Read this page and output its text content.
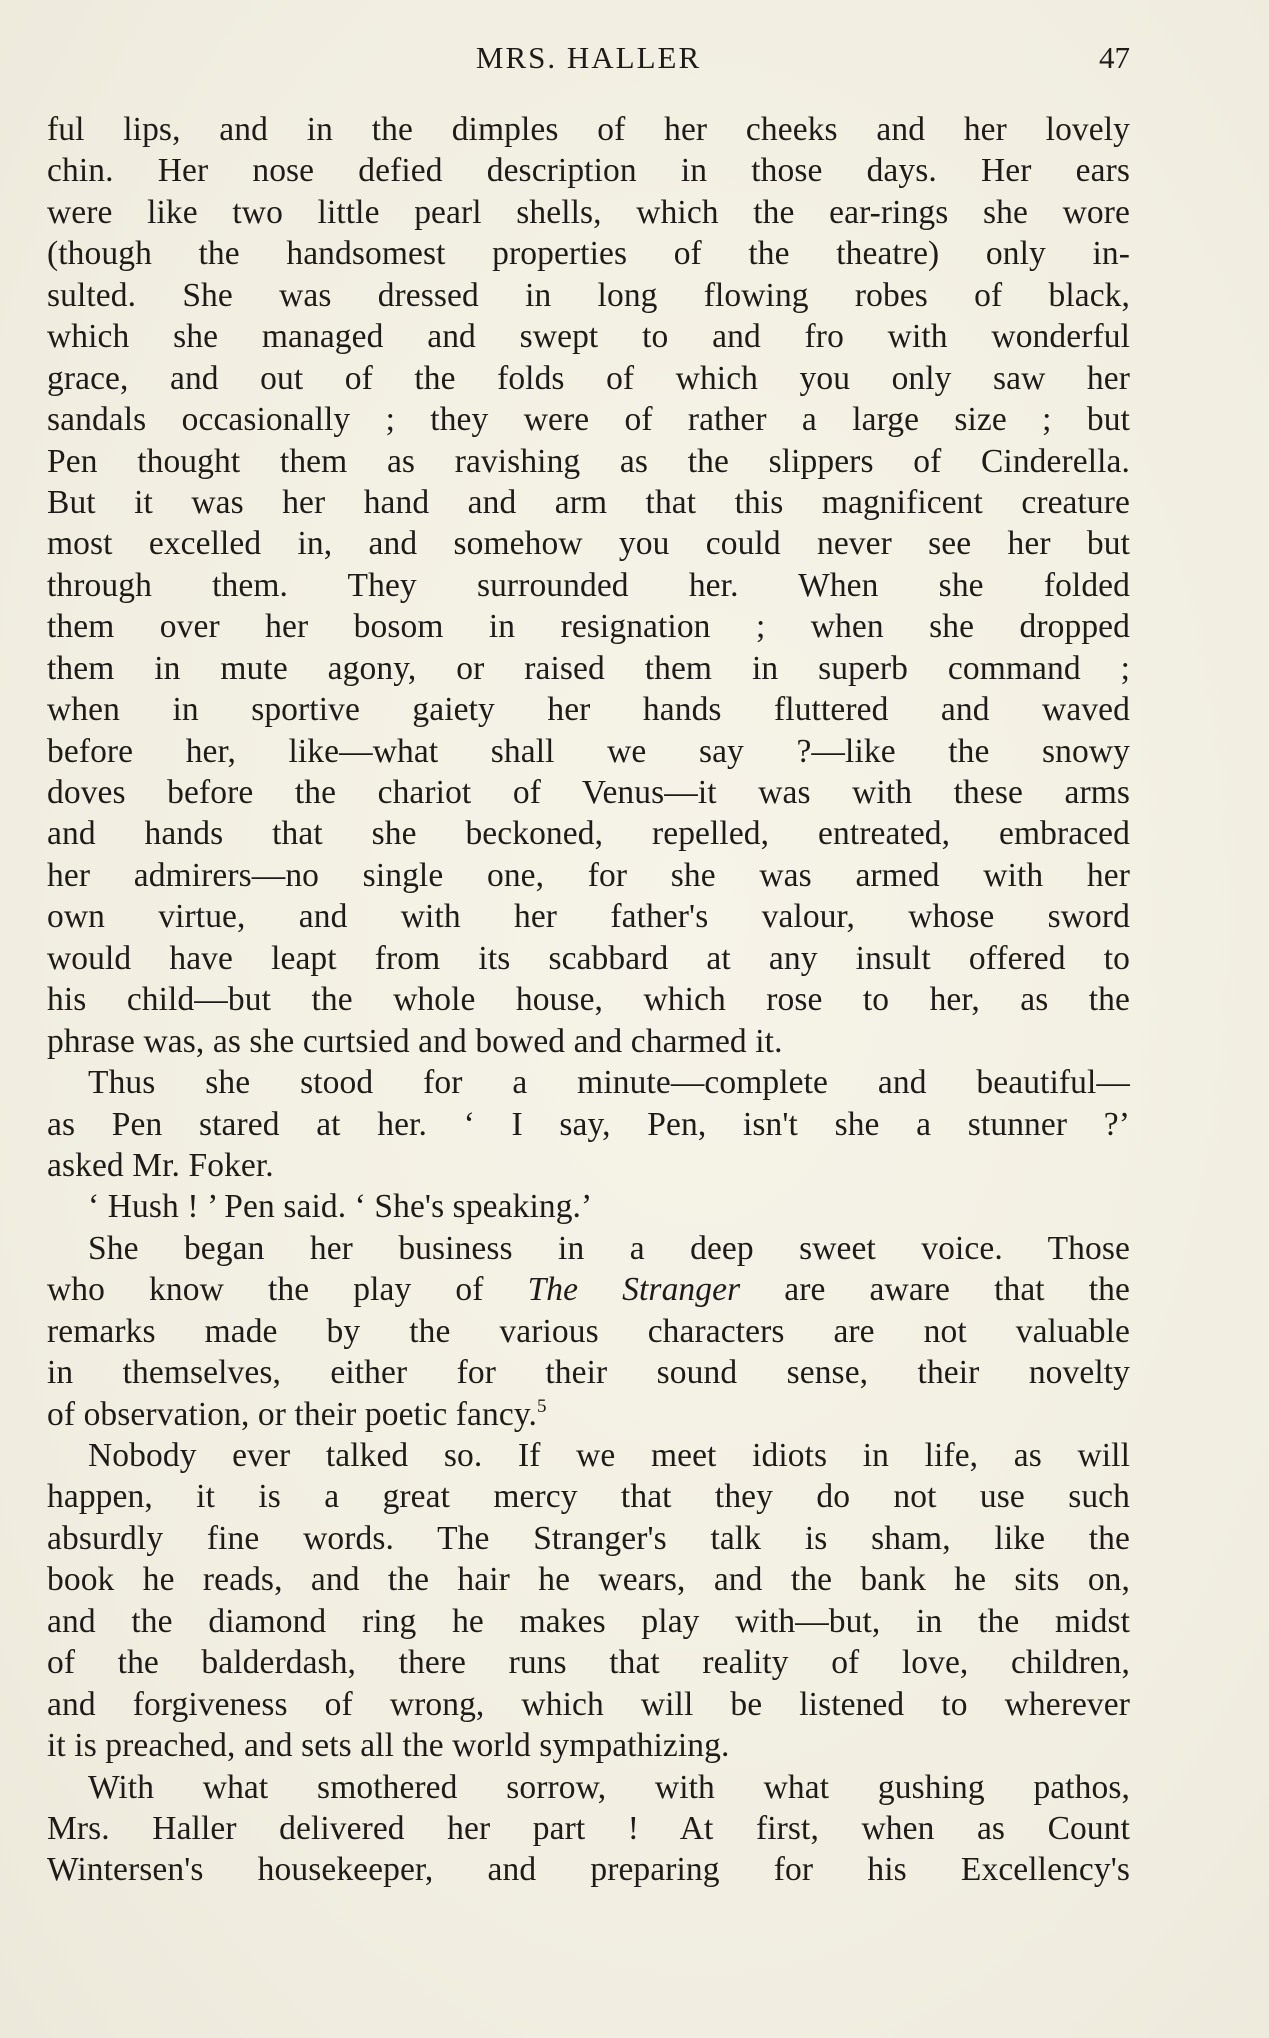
MRS. HALLER	47
ful lips, and in the dimples of her cheeks and her lovely
chin. Her nose defied description in those days. Her ears
were like two little pearl shells, which the ear-rings she wore
(though the handsomest properties of the theatre) only in-
sulted. She was dressed in long flowing robes of black,
which she managed and swept to and fro with wonderful
grace, and out of the folds of which you only saw her
sandals occasionally ; they were of rather a large size ; but
Pen thought them as ravishing as the slippers of Cinderella.
But it was her hand and arm that this magnificent creature
most excelled in, and somehow you could never see her but
through them. They surrounded her. When she folded
them over her bosom in resignation ; when she dropped
them in mute agony, or raised them in superb command ;
when in sportive gaiety her hands fluttered and waved
before her, like—what shall we say ?—like the snowy
doves before the chariot of Venus—it was with these arms
and hands that she beckoned, repelled, entreated, embraced
her admirers—no single one, for she was armed with her
own virtue, and with her father's valour, whose sword
would have leapt from its scabbard at any insult offered to
his child—but the whole house, which rose to her, as the
phrase was, as she curtsied and bowed and charmed it.
Thus she stood for a minute—complete and beautiful—
as Pen stared at her. ‘ I say, Pen, isn't she a stunner ?’
asked Mr. Foker.
‘ Hush ! ’ Pen said. ‘ She's speaking.’
She began her business in a deep sweet voice. Those
who know the play of The Stranger are aware that the
remarks made by the various characters are not valuable
in themselves, either for their sound sense, their novelty
of observation, or their poetic fancy.$^5$
Nobody ever talked so. If we meet idiots in life, as will
happen, it is a great mercy that they do not use such
absurdly fine words. The Stranger's talk is sham, like the
book he reads, and the hair he wears, and the bank he sits on,
and the diamond ring he makes play with—but, in the midst
of the balderdash, there runs that reality of love, children,
and forgiveness of wrong, which will be listened to wherever
it is preached, and sets all the world sympathizing.
With what smothered sorrow, with what gushing pathos,
Mrs. Haller delivered her part ! At first, when as Count
Wintersen's housekeeper, and preparing for his Excellency's
